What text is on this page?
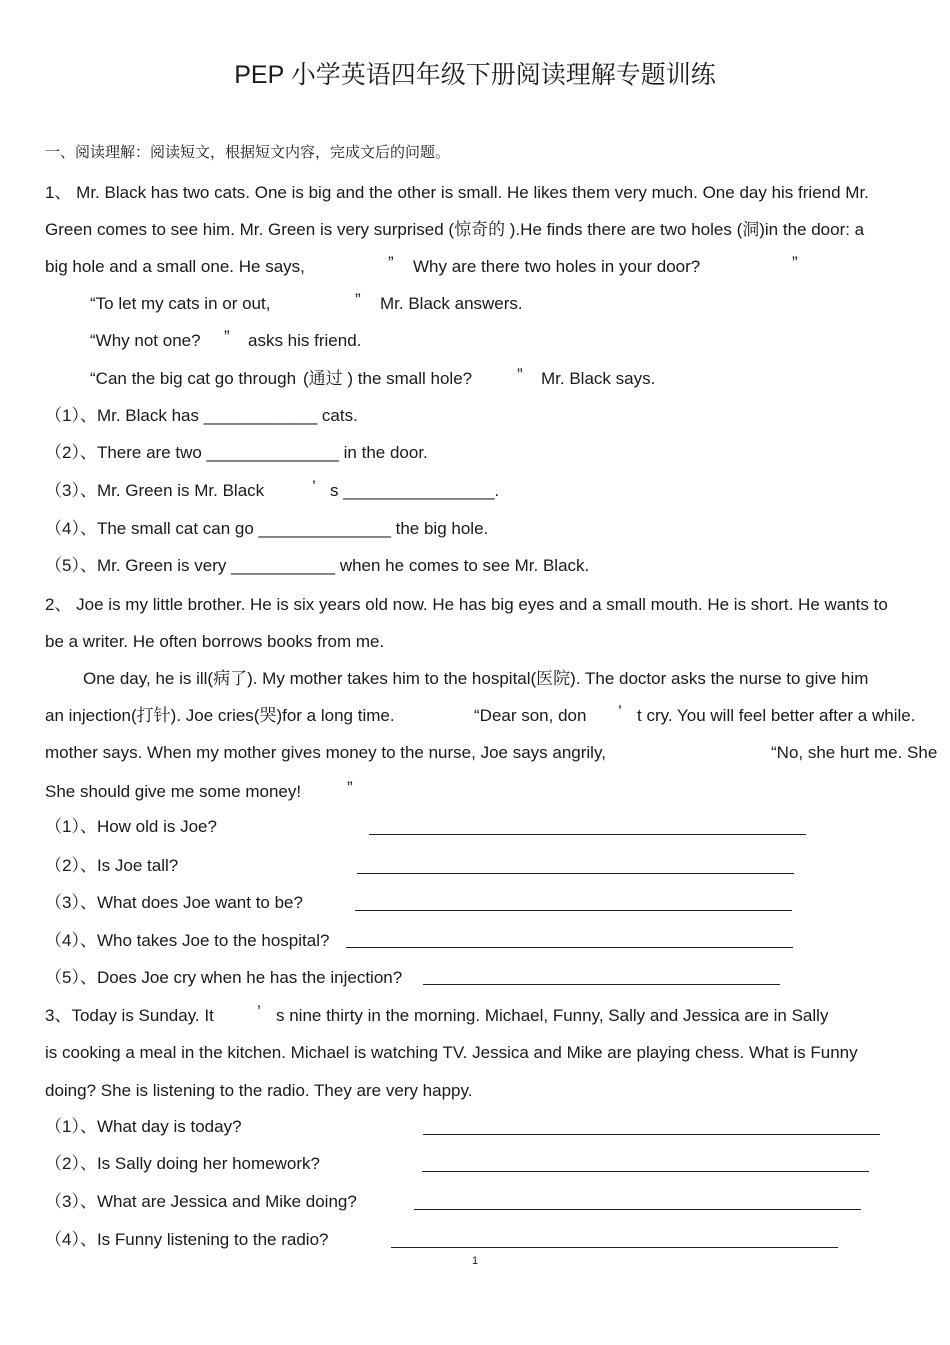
PEP 小学英语四年级下册阅读理解专题训练
一、阅读理解：阅读短文，根据短文内容，完成文后的问题。
1、 Mr. Black has two cats. One is big and the other is small. He likes them very much. One day his friend Mr.
Green comes to see him. Mr. Green is very surprised (惊奇的 ).He finds there are two holes (洞)in the door: a
big hole and a small one. He says,	” Why are there two holes in your door?	”
“To let my cats in or out,	” Mr. Black answers.
“Why not one? ” asks his friend.
“Can the big cat go through (通过 ) the small hole?	” Mr. Black says.
（1）、Mr. Black has ____________ cats.
（2）、There are two ______________ in the door.
（3）、Mr. Green is Mr. Black	’ s ________________.
（4）、The small cat can go ______________ the big hole.
（5）、Mr. Green is very ___________ when he comes to see Mr. Black.
2、 Joe is my little brother. He is six years old now. He has big eyes and a small mouth. He is short. He wants to
be a writer. He often borrows books from me.
One day, he is ill(病了). My mother takes him to the hospital(医院). The doctor asks the nurse to give him
an injection(打针). Joe cries(哭)for a long time.	“Dear son, don ’ t cry. You will feel better after a while.
mother says. When my mother gives money to the nurse, Joe says angrily,	“No, she hurt me. She
She should give me some money!	”
（1）、How old is Joe?
（2）、Is Joe tall?
（3）、What does Joe want to be?
（4）、Who takes Joe to the hospital?
（5）、Does Joe cry when he has the injection?
3、Today is Sunday. It	’ s nine thirty in the morning. Michael, Funny, Sally and Jessica are in Sally
is cooking a meal in the kitchen. Michael is watching TV. Jessica and Mike are playing chess. What is Funny
doing? She is listening to the radio. They are very happy.
（1）、What day is today?
（2）、Is Sally doing her homework?
（3）、What are Jessica and Mike doing?
（4）、Is Funny listening to the radio?
1
